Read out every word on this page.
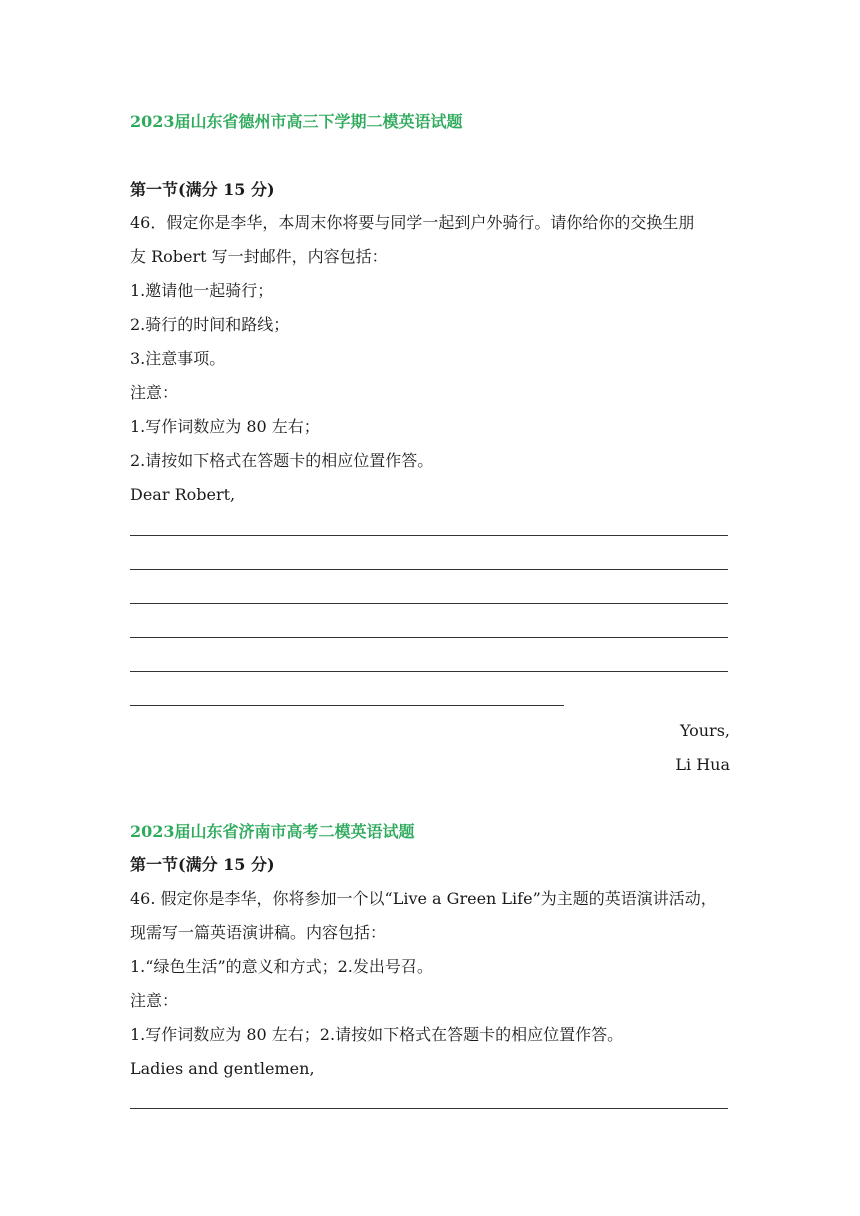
2023届山东省德州市高三下学期二模英语试题
第一节(满分 15 分)
46．假定你是李华，本周末你将要与同学一起到户外骑行。请你给你的交换生朋
友 Robert 写一封邮件，内容包括：
1.邀请他一起骑行；
2.骑行的时间和路线；
3.注意事项。
注意：
1.写作词数应为 80 左右；
2.请按如下格式在答题卡的相应位置作答。
Dear Robert,
Yours,
Li Hua
2023届山东省济南市高考二模英语试题
第一节(满分 15 分)
46. 假定你是李华，你将参加一个以“Live a Green Life”为主题的英语演讲活动，
现需写一篇英语演讲稿。内容包括：
1.“绿色生活”的意义和方式；2.发出号召。
注意：
1.写作词数应为 80 左右；2.请按如下格式在答题卡的相应位置作答。
Ladies and gentlemen,
